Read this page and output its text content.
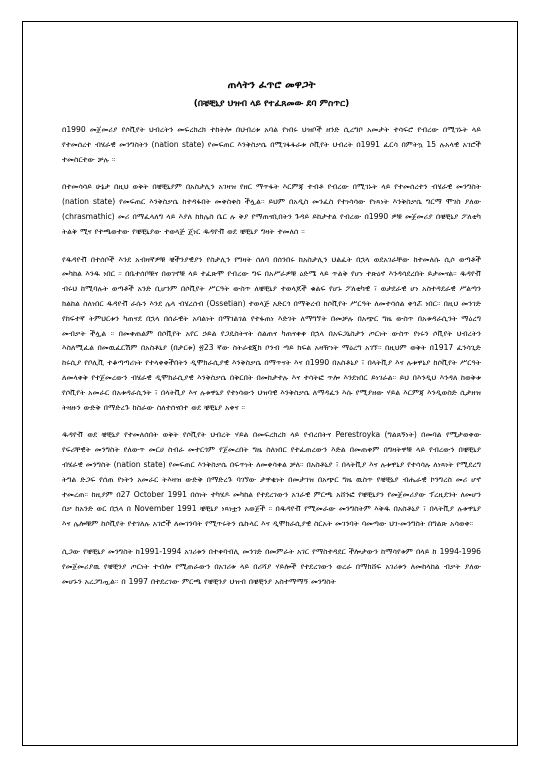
ጠላትን ፈጥሮ መዋጋት
(በቼቺኒያ ህዝብ ላይ የተፈጸመው ደባ ምስጥር)

በ1990 መጀመሪያ የሶቪየት ህብረትን መፍረክረክ ተከትሎ በህብረቱ አባል የነበሩ ህዝቦች ዘንድ ሲረግቦ አመታት ተሳፍሮ የብረው በሚገኑት ላይ የተመሰረተ ብሄራዊ መንግስትን (nation state) የመፍጠር እንቅስቃሴ በሚገፋፋራቱ ሶቪየት ህብረት በ1991 ፈርሳ በምትኳ 15 ሉአላዊ አገሮች ተመስርተው ቻሉ ።

በተመሳሳይ ሁኔታ በዚህ ወቅት በቼቺኒያም በአስታሊን አገዛዝ የዘር ማጥፋት እርምጃ ተብቶ የብረው በሚገኑት ላይ የተመሰረተን ብሄራዊ መንግስት (nation state) የመፍጠር እንቅስቃሴ ከተዳፋበት መቀስቀስ ችሏል። ይህም በአዲስ መንፈስ የተነሳሳው የነጻነት እንቅስቃሴ ግርማ ሞገስ ያለው (chrasmathic) መሪ በማፈላለግ ላይ እያለ ከክሌስ ቤር ሉ ቅያ የማጠናቢበትን ጉዳይ ይከታተል የብረው በ1990 ዎቹ መጀመሪያ በቼቺኒያ ፖለቲካ ትልቅ ሚና የተጫወተው የቼቺኒያው ተወላጅ ጄነር ዱዳየቭ ወደ ቼቺኒያ ግዛት ተመለሰ ።

የዱዳየቭ በተሰቦች እንደ አብዛኛዎቹ ቼችንያዊያን የስታሊን የግዛት ሰለባ በሰንበሩ ከአስታሊን ህልፈት በኋላ ወደአገራቸው ከተመለሱ ሲሶ ወጣቶች መካከል እንዱ ነበር ። በቤተሰቦቹና በወገኖቹ ላይ ተፈጽሞ የብረው ግፍ በአሥራዎቹ ዕድሜ ላይ ጥልቅ የሆነ ተጽዕኖ እንዳሳደረበት ይታመናል። ዱዳየቭ ብሩህ ከሚባሉት ወጣቶች አንድ ቢሆንም በሶቪየት ሥርዓት ውስጥ ለቼቺኒያ ተወላጆች ቁልፍ የሆኑ ፖለቲካዊ ፣ ወታደራዊ ሆነ አስተዳደራዊ ሥልጣን ክልከል ስለነበር ዱዳየቭ ራሱን እንደ ሌላ ብሄረሰብ (Ossetian) ተወላጅ አድርጎ በማቅረብ ከሶቪየት ሥርዓት ለመተሳሰል ቀጎሯ ነበር። በዚህ መንገድ የከፍተኛ ትምህርቱን ካጠናደ በኋላ በሰራዊት አባልነት በማገልገል የተፋጠነ እድገት ለማግኘት በመቻሉ በአጭር ግዜ ውስጥ በአቱዳራሲንት ማዕረግ መብቃት ችሏል ። በመቀጠልም በሶቪየት አየር ኃይል የጋዴስትናት ሰልጠና ካጠናቀቀ በኋላ በአፍጋኒስታን ጦርነት ውስጥ የነሩን ሶቪየት ህብረትን እስለሚፈል በመዉፈርሽም በአስቶኒያ (በታርቱ) ፳23 ኛው ስትራቴጂክ ቦንብ ጣይ ክፍል አዛዥነት ማዕረግ አገኘ። በዚህም ወቅት በ1917 ፈንሳጊድ ከሩሲያ የቦሊቪ ተቆጣጣሪነት የተላቀቀችበትን ዲሞክራሲያዊ እንቅስቃሴ በማጥናት እና በ1990 በአስቶኒያ ፣ በላትቪያ እና ሉቱዋኒያ ከሶቪየት ሥርዓት ለመላቀቅ የተጀመረውን ብሄራዊ ዲሞክራሲያዊ እንቅስቃሴ በቅርበት በመከታተሉ እና ተሳትፎ ጥሎ እንደነበር ይነገራል። ይህ በእንዲህ እንዳለ ከወቅቱ የሶቪየት አመራር በአቱዳራሲንት ፣ በላትቪያ እና ሉቱዋኒያ የተነሳውን ህዝባዊ እንቅስቃሴ ለማዳፈን እሱ የሚያዘው ሃይል እርምጃ እንዲወስድ ሲታዘዝ ትዛዙን ውድቅ በማድረጉ ከስራው ስለተሰናበተ ወደ ቼቺኒያ አቀና ።

ዱዳየቭ ወደ ቼቺኒያ የተመለሰበት ወቅት የሶቪየት ህብረት ሃይል በመፍረክረክ ላይ የብረበትና Perestroyka (ግልጸኝነት) በመባል የሚታወቀው የፍሪቸዊት መንግስት የለውጥ መርሀ ስብራ መተርጎም የጀመረበት ግዜ ስለነበር የተፈጠረውን እድል በመጠቀም በግዛትዋቹ ላይ የብረውን በቼቺኒያ ብሄራዊ መንግስት (nation state) የመፍጠር እንቅስቃሴ በፍጥነት ለመቀሳቀል ቻለ። በአስቶኒያ ፣ በላትቪያ እና ሉቱዋኒያ የተሳሳሉ ለነጻነት የሚደረግ ትግል ድጋፍ የሰጠ የነትን አመራር ትእዛዝ ውድቅ በማድረጉ ባገኘው ታዋቂነት በመታገዝ በአጭር ግዜ ዉስጥ የቼቺኒያ ብሔራዊ ኮንግረስ መሪ ሆኖ ተመረጠ። ከዚያም በ27 October 1991 በሰነት ተካሄዶ መካከል የተደረገውን አገራዊ ምርጫ አሸንፎ የቼቺኒያን የመጀመሪያው ፕረዚደንት ለመሆን በቃ ከአንድ ወር በኋላ በ November 1991 ቼቺኒያ ነጻነቷን አወጀች ። በዱዳየቭ የሚመራው መንግስትም እቅዱ በአስቶኒያ ፣ በላትቪያ ሉቱዋኒያ እና ሌሎቹም ከሶቪየት የተገለሉ አገሮች ለመገንባት የሚጥሩትን ሴኩላር እና ዲሞክራሲያዊ ስርአት መገንባት ባመጣው ህገ-መንግስት በግልጽ አሳወቀ።

ሲጋው የቼቺኒያ መንግስት ከ1991-1994 አገሪቱን በተቀባብሊ መንገድ በመምራት አገር የማስተዳደር ችሎታውን ከማሳየቱም በላይ ከ 1994-1996 የመጀመሪያዉ የቼቺንያ ጦርነት ተብሎ የሚጠራውን በአገሪቱ ላይ በሪሻያ ሃይሎች የተደረገውን ወረራ በማክሸፍ አገሪቱን ለመከላከል ብቃት ያለው መሆኑን አረጋግጧል። በ 1997 በተደረገው ምርጫ የቼቺንያ ህዝብ በቼቺንያ አስተማማኝ መንግስት
